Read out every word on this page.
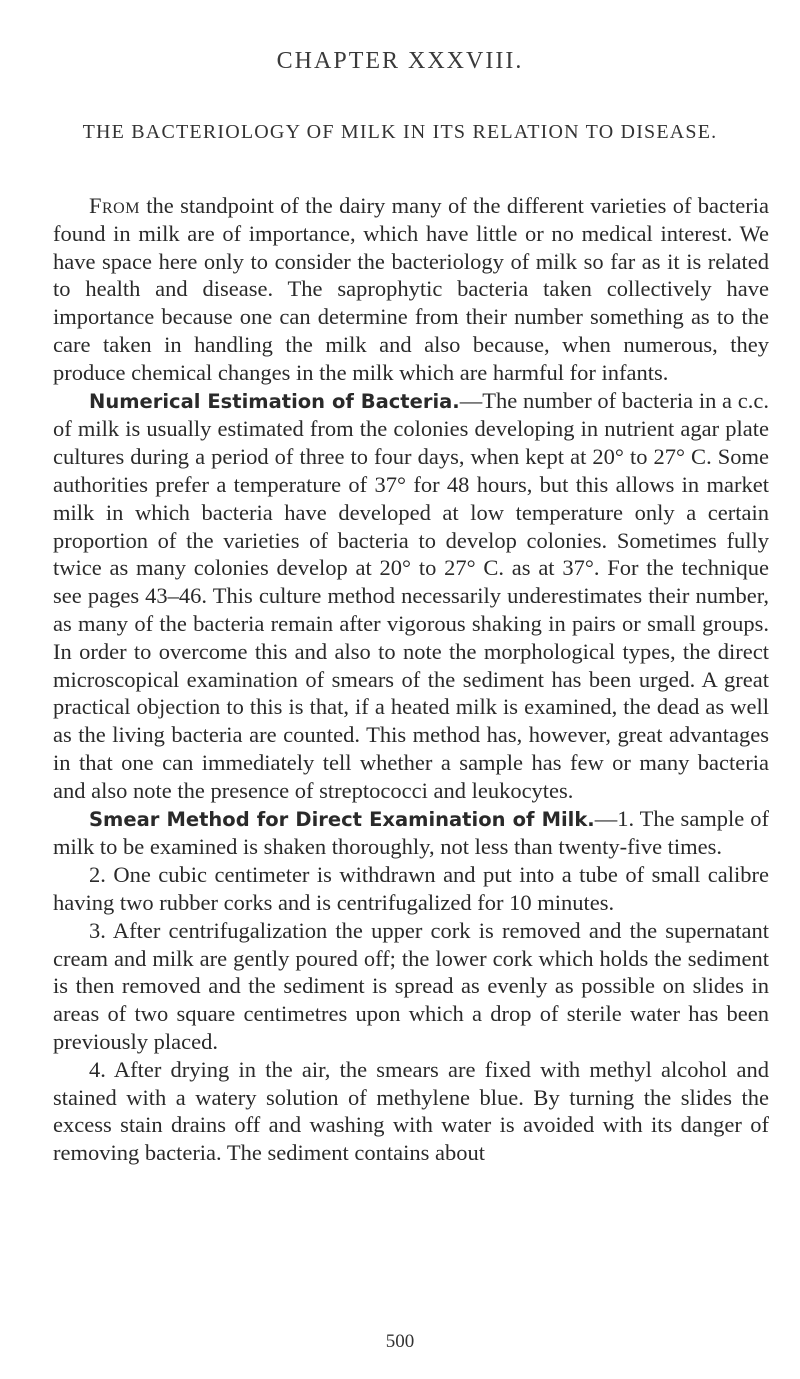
CHAPTER XXXVIII.
THE BACTERIOLOGY OF MILK IN ITS RELATION TO DISEASE.

From the standpoint of the dairy many of the different varieties of bacteria found in milk are of importance, which have little or no medical interest. We have space here only to consider the bacteriology of milk so far as it is related to health and disease. The saprophytic bacteria taken collectively have importance because one can determine from their number something as to the care taken in handling the milk and also because, when numerous, they produce chemical changes in the milk which are harmful for infants.

Numerical Estimation of Bacteria.—The number of bacteria in a c.c. of milk is usually estimated from the colonies developing in nutrient agar plate cultures during a period of three to four days, when kept at 20° to 27° C. Some authorities prefer a temperature of 37° for 48 hours, but this allows in market milk in which bacteria have developed at low temperature only a certain proportion of the varieties of bacteria to develop colonies. Sometimes fully twice as many colonies develop at 20° to 27° C. as at 37°. For the technique see pages 43–46. This culture method necessarily underestimates their number, as many of the bacteria remain after vigorous shaking in pairs or small groups. In order to overcome this and also to note the morphological types, the direct microscopical examination of smears of the sediment has been urged. A great practical objection to this is that, if a heated milk is examined, the dead as well as the living bacteria are counted. This method has, however, great advantages in that one can immediately tell whether a sample has few or many bacteria and also note the presence of streptococci and leukocytes.

Smear Method for Direct Examination of Milk.—1. The sample of milk to be examined is shaken thoroughly, not less than twenty-five times.

2. One cubic centimeter is withdrawn and put into a tube of small calibre having two rubber corks and is centrifugalized for 10 minutes.

3. After centrifugalization the upper cork is removed and the supernatant cream and milk are gently poured off; the lower cork which holds the sediment is then removed and the sediment is spread as evenly as possible on slides in areas of two square centimetres upon which a drop of sterile water has been previously placed.

4. After drying in the air, the smears are fixed with methyl alcohol and stained with a watery solution of methylene blue. By turning the slides the excess stain drains off and washing with water is avoided with its danger of removing bacteria. The sediment contains about

500
